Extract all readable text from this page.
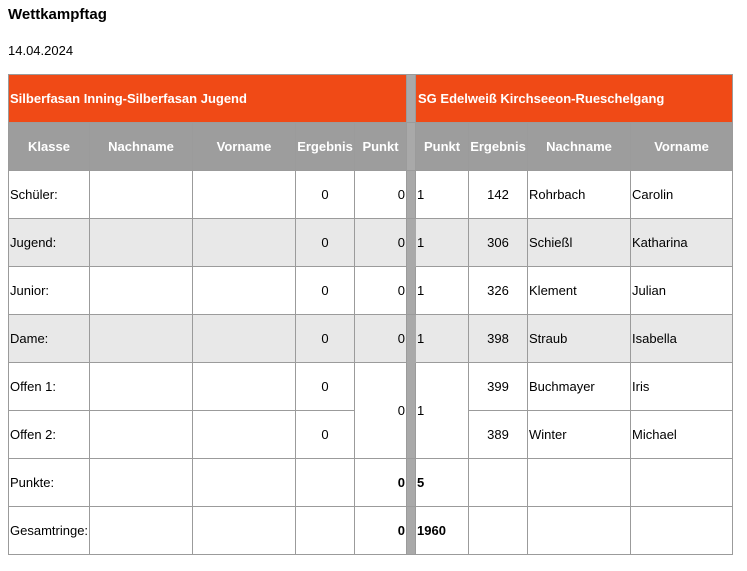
Wettkampftag
14.04.2024
Silberfasan Inning-Silberfasan Jugend						SG Edelweiß Kirchseeon-Rueschelgang			
Klasse	Nachname	Vorname	Ergebnis	Punkt		Punkt	Ergebnis	Nachname	Vorname
Schüler:			0	0		1	142	Rohrbach	Carolin
Jugend:			0	0		1	306	Schießl	Katharina
Junior:			0	0		1	326	Klement	Julian
Dame:			0	0		1	398	Straub	Isabella
Offen 1:			0	0		1	399	Buchmayer	Iris
Offen 2:			0				389	Winter	Michael
Punkte:				0		5			
Gesamtringe:				0		1960			
